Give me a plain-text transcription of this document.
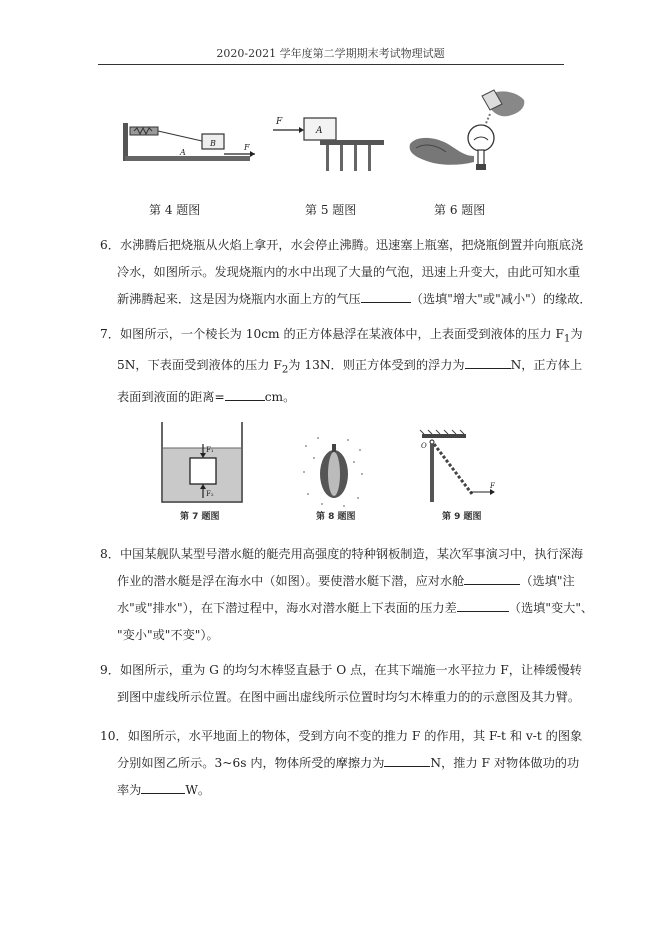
2020-2021 学年度第二学期期末考试物理试题
B
A
F
F
A
第 4 题图	第 5 题图	第 6 题图

6．水沸腾后把烧瓶从火焰上拿开，水会停止沸腾。迅速塞上瓶塞，把烧瓶倒置并向瓶底浇

冷水，如图所示。发现烧瓶内的水中出现了大量的气泡，迅速上升变大，由此可知水重

新沸腾起来．这是因为烧瓶内水面上方的气压	（选填"增大"或"减小"）的缘故．

7．如图所示，一个棱长为 10cm 的正方体悬浮在某液体中，上表面受到液体的压力 $F_1$为

5N，下表面受到液体的压力 $F_2$为 13N．则正方体受到的浮力为	N，正方体上

表面到液面的距离=	cm。

F₁
F₂
第 7 题图	第 8 题图
O
F
第 9 题图

8．中国某舰队某型号潜水艇的艇壳用高强度的特种钢板制造，某次军事演习中，执行深海

作业的潜水艇是浮在海水中（如图）。要使潜水艇下潜，应对水舱	（选填"注

水"或"排水"），在下潜过程中，海水对潜水艇上下表面的压力差	（选填"变大"、

"变小"或"不变"）。

9．如图所示，重为 G 的均匀木棒竖直悬于 O 点，在其下端施一水平拉力 F，让棒缓慢转

到图中虚线所示位置。在图中画出虚线所示位置时均匀木棒重力的的示意图及其力臂。

10．如图所示，水平地面上的物体，受到方向不变的推力 F 的作用，其 F-t 和 v-t 的图象

分别如图乙所示。3~6s 内，物体所受的摩擦力为	N，推力 F 对物体做功的功

率为	W。
